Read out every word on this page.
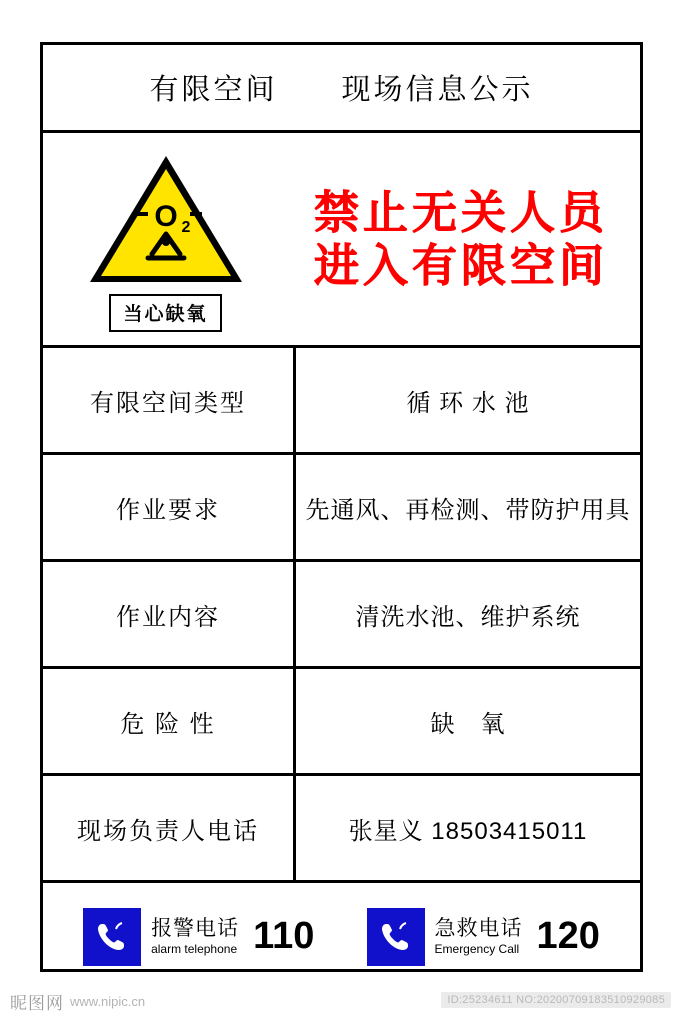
有限空间　　现场信息公示
O 2
当心缺氧
禁止无关人员
进入有限空间
有限空间类型	循 环 水 池
作业要求	先通风、再检测、带防护用具
作业内容	清洗水池、维护系统
危 险 性	缺　氧
现场负责人电话	张星义 18503415011
报警电话
alarm telephone 110	急救电话
Emergency Call 120
昵图网 www.nipic.cn	ID:25234611 NO:20200709183510929085
